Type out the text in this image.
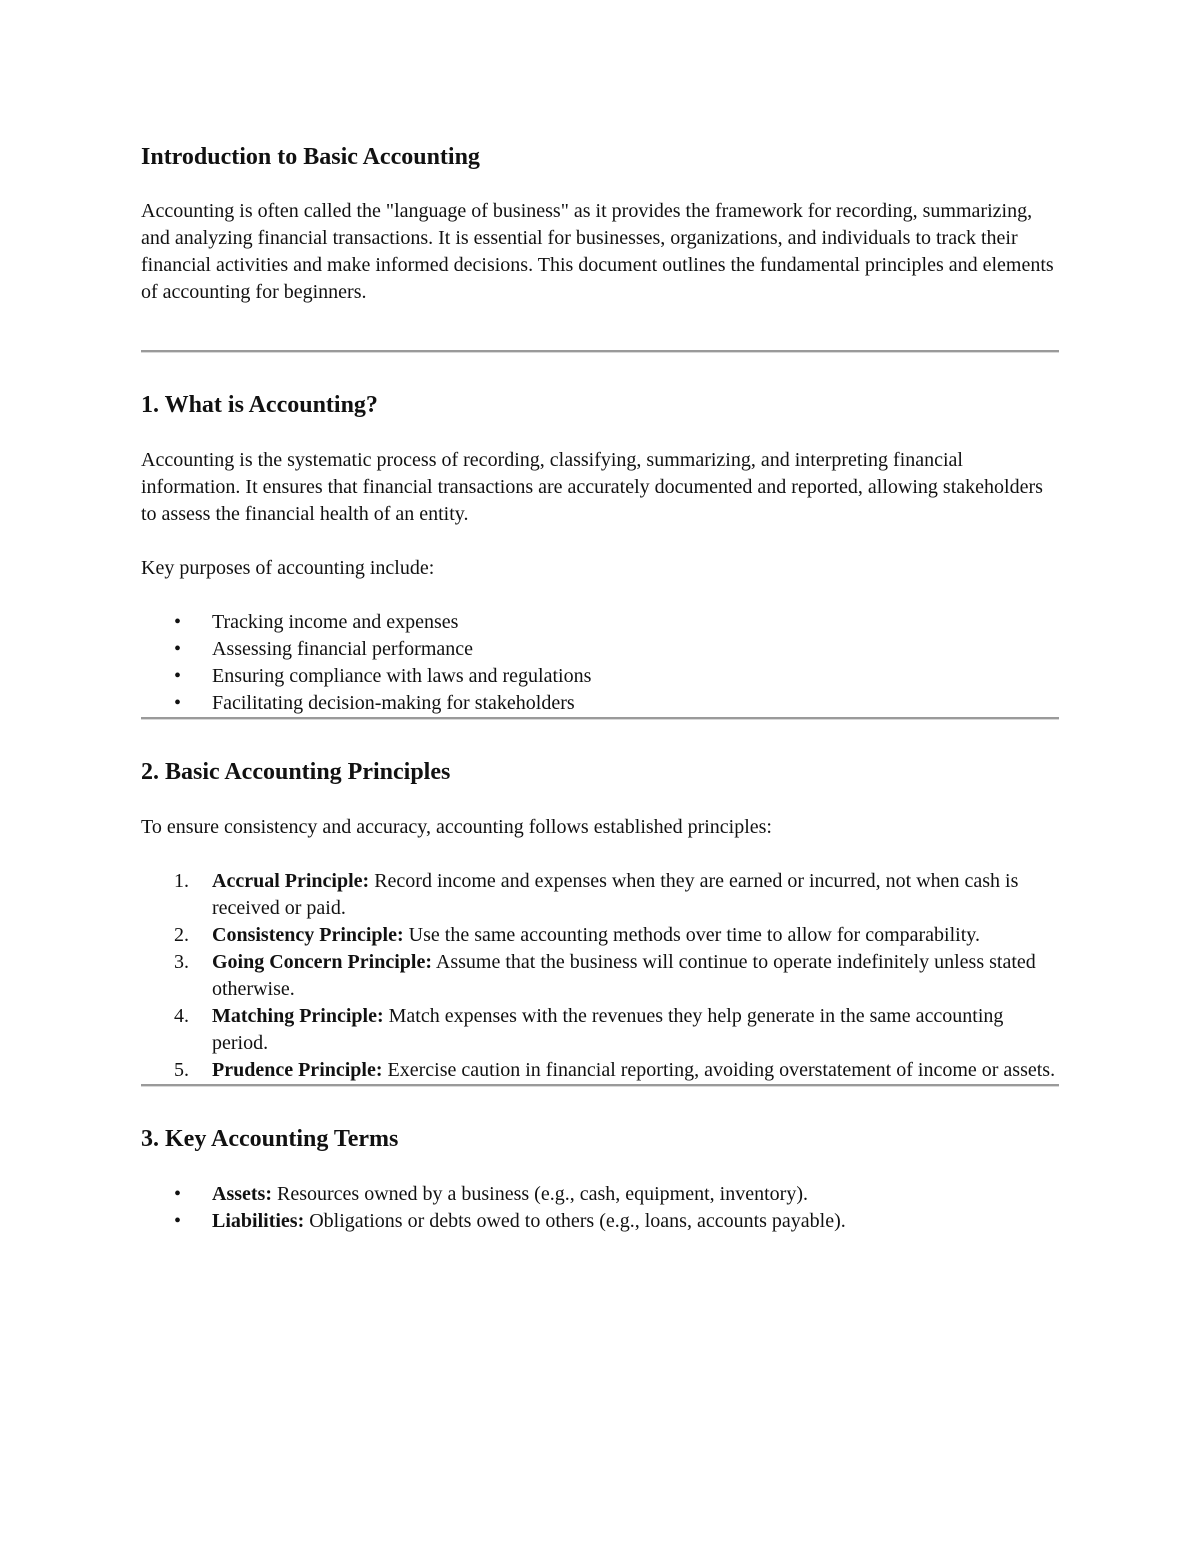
Introduction to Basic Accounting

Accounting is often called the "language of business" as it provides the framework for recording, summarizing, and analyzing financial transactions. It is essential for businesses, organizations, and individuals to track their financial activities and make informed decisions. This document outlines the fundamental principles and elements of accounting for beginners.

1. What is Accounting?

Accounting is the systematic process of recording, classifying, summarizing, and interpreting financial information. It ensures that financial transactions are accurately documented and reported, allowing stakeholders to assess the financial health of an entity.

Key purposes of accounting include:

•	Tracking income and expenses
•	Assessing financial performance
•	Ensuring compliance with laws and regulations
•	Facilitating decision-making for stakeholders
2. Basic Accounting Principles

To ensure consistency and accuracy, accounting follows established principles:

1.	Accrual Principle: Record income and expenses when they are earned or incurred, not when cash is received or paid.
2.	Consistency Principle: Use the same accounting methods over time to allow for comparability.
3.	Going Concern Principle: Assume that the business will continue to operate indefinitely unless stated otherwise.
4.	Matching Principle: Match expenses with the revenues they help generate in the same accounting period.
5.	Prudence Principle: Exercise caution in financial reporting, avoiding overstatement of income or assets.
3. Key Accounting Terms
•	Assets: Resources owned by a business (e.g., cash, equipment, inventory).
•	Liabilities: Obligations or debts owed to others (e.g., loans, accounts payable).
